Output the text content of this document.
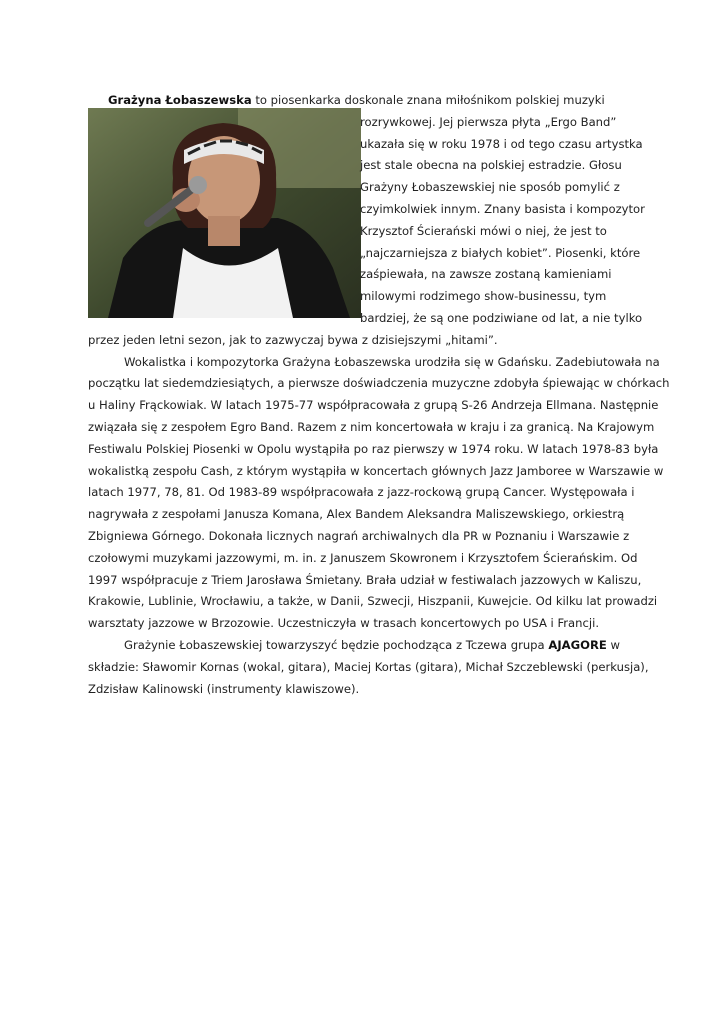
Grażyna Łobaszewska to piosenkarka doskonale znana miłośnikom polskiej muzyki
rozrywkowej. Jej pierwsza płyta „Ergo Band”
ukazała się w roku 1978 i od tego czasu artystka
jest stale obecna na polskiej estradzie. Głosu
Grażyny Łobaszewskiej nie sposób pomylić z
czyimkolwiek innym. Znany basista i kompozytor
Krzysztof Ścierański mówi o niej, że jest to
„najczarniejsza z białych kobiet”. Piosenki, które
zaśpiewała, na zawsze zostaną kamieniami
milowymi rodzimego show-businessu, tym
bardziej, że są one podziwiane od lat, a nie tylko
przez jeden letni sezon, jak to zazwyczaj bywa z dzisiejszymi „hitami”.
Wokalistka i kompozytorka Grażyna Łobaszewska urodziła się w Gdańsku. Zadebiutowała na
początku lat siedemdziesiątych, a pierwsze doświadczenia muzyczne zdobyła śpiewając w chórkach
u Haliny Frąckowiak. W latach 1975-77 współpracowała z grupą S-26 Andrzeja Ellmana. Następnie
związała się z zespołem Egro Band. Razem z nim koncertowała w kraju i za granicą. Na Krajowym
Festiwalu Polskiej Piosenki w Opolu wystąpiła po raz pierwszy w 1974 roku. W latach 1978-83 była
wokalistką zespołu Cash, z którym wystąpiła w koncertach głównych Jazz Jamboree w Warszawie w
latach 1977, 78, 81. Od 1983-89 współpracowała z jazz-rockową grupą Cancer. Występowała i
nagrywała z zespołami Janusza Komana, Alex Bandem Aleksandra Maliszewskiego, orkiestrą
Zbigniewa Górnego. Dokonała licznych nagrań archiwalnych dla PR w Poznaniu i Warszawie z
czołowymi muzykami jazzowymi, m. in. z Januszem Skowronem i Krzysztofem Ścierańskim. Od
1997 współpracuje z Triem Jarosława Śmietany. Brała udział w festiwalach jazzowych w Kaliszu,
Krakowie, Lublinie, Wrocławiu, a także, w Danii, Szwecji, Hiszpanii, Kuwejcie. Od kilku lat prowadzi
warsztaty jazzowe w Brzozowie. Uczestniczyła w trasach koncertowych po USA i Francji.
Grażynie Łobaszewskiej towarzyszyć będzie pochodząca z Tczewa grupa AJAGORE w
składzie: Sławomir Kornas (wokal, gitara), Maciej Kortas (gitara), Michał Szczeblewski (perkusja),
Zdzisław Kalinowski (instrumenty klawiszowe).
